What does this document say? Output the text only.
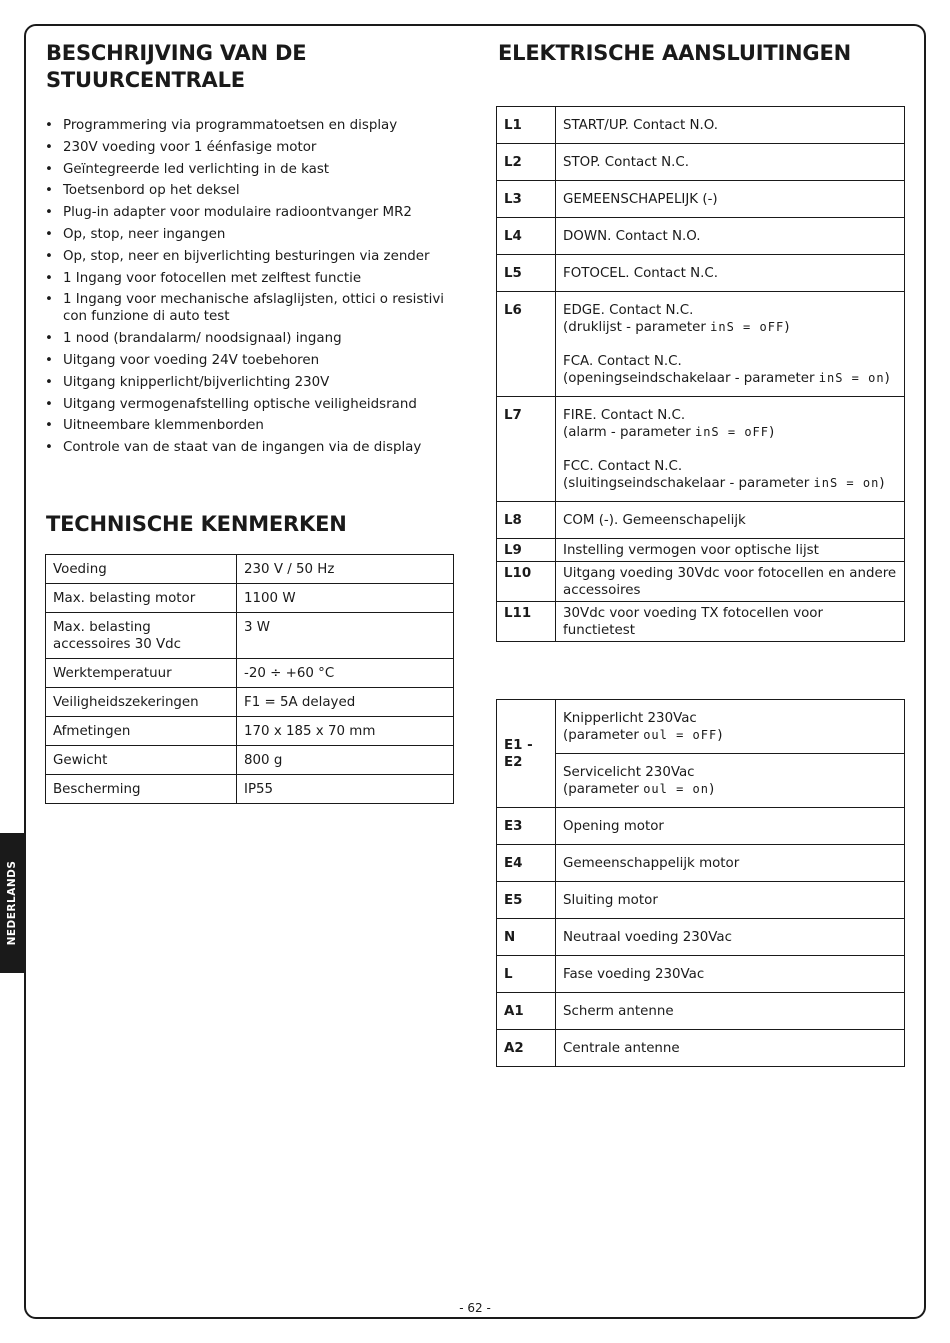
NEDERLANDS
BESCHRIJVING VAN DE STUURCENTRALE
ELEKTRISCHE AANSLUITINGEN
• Programmering via programmatoetsen en display
• 230V voeding voor 1 éénfasige motor
• Geïntegreerde led verlichting in de kast
• Toetsenbord op het deksel
• Plug-in adapter voor modulaire radioontvanger MR2
• Op, stop, neer ingangen
• Op, stop, neer en bijverlichting besturingen via zender
• 1 Ingang voor fotocellen met zelftest functie
• 1 Ingang voor mechanische afslaglijsten, ottici o resistivi con funzione di auto test
• 1 nood (brandalarm/ noodsignaal) ingang
• Uitgang voor voeding 24V toebehoren
• Uitgang knipperlicht/bijverlichting 230V
• Uitgang vermogenafstelling optische veiligheidsrand
• Uitneembare klemmenborden
• Controle van de staat van de ingangen via de display
TECHNISCHE KENMERKEN
Voeding	230 V / 50 Hz
Max. belasting motor	1100 W
Max. belasting accessoires 30 Vdc	3 W
Werktemperatuur	-20 ÷ +60 °C
Veiligheidszekeringen	F1 = 5A delayed
Afmetingen	170 x 185 x 70 mm
Gewicht	800 g
Bescherming	IP55
L1	START/UP. Contact N.O.
L2	STOP. Contact N.C.
L3	GEMEENSCHAPELIJK (-)
L4	DOWN. Contact N.O.
L5	FOTOCEL. Contact N.C.
L6	EDGE. Contact N.C.
(druklijst - parameter inS = oFF)
FCA. Contact N.C.
(openingseindschakelaar - parameter inS = on)

L7	FIRE. Contact N.C.
(alarm - parameter inS = oFF)
FCC. Contact N.C.
(sluitingseindschakelaar - parameter inS = on)

L8	COM (-). Gemeenschapelijk
L9	Instelling vermogen voor optische lijst
L10	Uitgang voeding 30Vdc voor fotocellen en andere accessoires
L11	30Vdc voor voeding TX fotocellen voor functietest
E1 - E2	Knipperlicht 230Vac
(parameter oul = oFF)

	Servicelicht 230Vac
(parameter oul = on)

E3	Opening motor
E4	Gemeenschappelijk motor
E5	Sluiting motor
N	Neutraal voeding 230Vac
L	Fase voeding 230Vac
A1	Scherm antenne
A2	Centrale antenne
- 62 -
